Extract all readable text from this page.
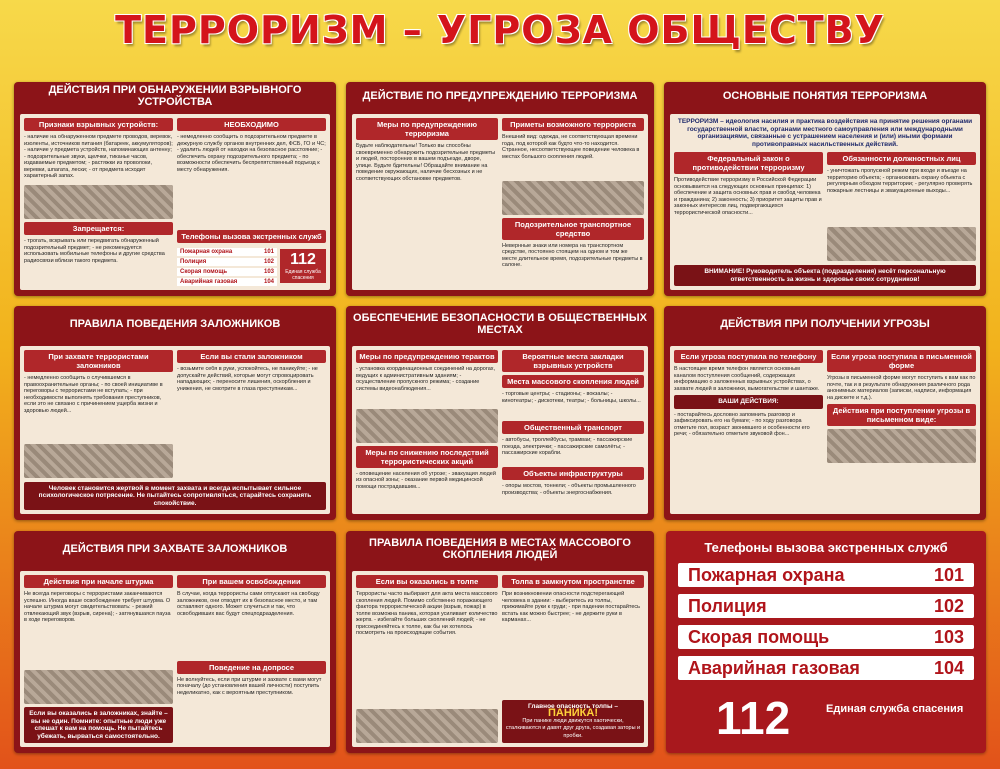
ТЕРРОРИЗМ – УГРОЗА ОБЩЕСТВУ
ДЕЙСТВИЯ ПРИ ОБНАРУЖЕНИИ ВЗРЫВНОГО УСТРОЙСТВА
Признаки взрывных устройств:
- наличие на обнаруженном предмете проводов, веревок, изоленты, источников питания (батареек, аккумуляторов); - наличие у предмета устройств, напоминающих антенну; - подозрительные звуки, щелчки, тиканье часов, издаваемые предметом; - растяжки из проволоки, веревки, шпагата, лески; - от предмета исходит характерный запах.
Запрещается:
- трогать, вскрывать или передвигать обнаруженный подозрительный предмет; - не рекомендуется использовать мобильные телефоны и другие средства радиосвязи вблизи такого предмета.
НЕОБХОДИМО
- немедленно сообщить о подозрительном предмете в дежурную службу органов внутренних дел, ФСБ, ГО и ЧС; - удалить людей от находки на безопасное расстояние; - обеспечить охрану подозрительного предмета; - по возможности обеспечить беспрепятственный подъезд к месту обнаружения.
Телефоны вызова экстренных служб
Пожарная охрана	101
Полиция	102
Скорая помощь	103
Аварийная газовая	104
112
Единая служба спасения
ДЕЙСТВИЕ ПО ПРЕДУПРЕЖДЕНИЮ ТЕРРОРИЗМА
Меры по предупреждению терроризма
Будьте наблюдательны! Только вы способны своевременно обнаружить подозрительные предметы и людей, посторонних в вашем подъезде, дворе, улице. Будьте бдительны! Обращайте внимание на поведение окружающих, наличие бесхозных и не соответствующих обстановке предметов.
Приметы возможного террориста
Внешний вид: одежда, не соответствующая времени года, под которой как будто что-то находится. Странное, несоответствующее поведение человека в местах большого скопления людей.
Подозрительное транспортное средство
Невернные знаки или номера на транспортном средстве, постоянно стоящем на одном и том же месте длительное время, подозрительные предметы в салоне.
ОСНОВНЫЕ ПОНЯТИЯ ТЕРРОРИЗМА
ТЕРРОРИЗМ – идеология насилия и практика воздействия на принятие решения органами государственной власти, органами местного самоуправления или международными организациями, связанные с устрашением населения и (или) иными формами противоправных насильственных действий.
Федеральный закон о противодействии терроризму
Противодействие терроризму в Российской Федерации основывается на следующих основных принципах: 1) обеспечение и защита основных прав и свобод человека и гражданина; 2) законность; 3) приоритет защиты прав и законных интересов лиц, подвергающихся террористической опасности...
Обязанности должностных лиц
- уничтожать пропускной режим при входе и въезде на территорию объекта; - организовать охрану объекта с регулярным обходом территории; - регулярно проверять пожарные лестницы и эвакуационные выходы...
ВНИМАНИЕ! Руководитель объекта (подразделения) несёт персональную ответственность за жизнь и здоровье своих сотрудников!
ПРАВИЛА ПОВЕДЕНИЯ ЗАЛОЖНИКОВ
При захвате террористами заложников
- немедленно сообщить о случившемся в правоохранительные органы; - по своей инициативе в переговоры с террористами не вступать; - при необходимости выполнять требования преступников, если это не связано с причинением ущерба жизни и здоровью людей...
Если вы стали заложником
- возьмите себя в руки, успокойтесь, не паникуйте; - не допускайте действий, которые могут спровоцировать нападающих; - переносите лишения, оскорбления и унижения, не смотрите в глаза преступникам...
Человек становится жертвой в момент захвата и всегда испытывает сильное психологическое потрясение. Не пытайтесь сопротивляться, старайтесь сохранять спокойствие.
ОБЕСПЕЧЕНИЕ БЕЗОПАСНОСТИ В ОБЩЕСТВЕННЫХ МЕСТАХ
Меры по предупреждению терактов
- установка координационных соединений на дорогах, ведущих к административным зданиям; - осуществление пропускного режима; - создание системы видеонаблюдения...
Меры по снижению последствий террористических акций
- оповещение населения об угрозе; - эвакуация людей из опасной зоны; - оказание первой медицинской помощи пострадавшим...
Вероятные места закладки взрывных устройств
Места массового скопления людей
- торговые центры; - стадионы; - вокзалы; - кинотеатры; - дискотеки, театры; - больницы, школы...
Общественный транспорт
- автобусы, троллейбусы, трамваи; - пассажирские поезда, электрички; - пассажирские самолёты; - пассажирские корабли.
Объекты инфраструктуры
- опоры мостов, тоннели; - объекты промышленного производства; - объекты энергоснабжения.
ДЕЙСТВИЯ ПРИ ПОЛУЧЕНИИ УГРОЗЫ
Если угроза поступила по телефону
В настоящее время телефон является основным каналом поступления сообщений, содержащих информацию о заложенных взрывных устройствах, о захвате людей в заложники, вымогательстве и шантаже.
ВАШИ ДЕЙСТВИЯ:
- постарайтесь дословно запомнить разговор и зафиксировать его на бумаге; - по ходу разговора отметьте пол, возраст звонившего и особенности его речи; - обязательно отметьте звуковой фон...
Если угроза поступила в письменной форме
Угрозы в письменной форме могут поступить к вам как по почте, так и в результате обнаружения различного рода анонимных материалов (записки, надписи, информация на дискете и т.д.).
Действия при поступлении угрозы в письменном виде:
ДЕЙСТВИЯ ПРИ ЗАХВАТЕ ЗАЛОЖНИКОВ
Действия при начале штурма
Не всегда переговоры с террористами заканчиваются успешно. Иногда ваше освобождение требует штурма. О начале штурма могут свидетельствовать: - резкий отвлекающий звук (взрыв, сирена); - затянувшаяся пауза в ходе переговоров.
Если вы оказались в заложниках, знайте – вы не один. Помните: опытные люди уже спешат к вам на помощь. Не пытайтесь убежать, вырваться самостоятельно.
При вашем освобождении
В случае, когда террористы сами отпускают на свободу заложников, они отводят их в безопасное место, и там оставляют одного. Может случиться и так, что освободивших вас будут спецподразделения.
Поведение на допросе
Не волнуйтесь, если при штурме и захвате с вами могут поначалу (до установления вашей личности) поступить неделикатно, как с вероятным преступником.
ПРАВИЛА ПОВЕДЕНИЯ В МЕСТАХ МАССОВОГО СКОПЛЕНИЯ ЛЮДЕЙ
Если вы оказались в толпе
Террористы часто выбирают для акта места массового скопления людей. Помимо собственно поражающего фактора террористической акции (взрыв, пожар) в толпе возможна паника, которая усиливает количество жертв. - избегайте больших скоплений людей; - не присоединяйтесь к толпе, как бы ни хотелось посмотреть на происходящие события.
Толпа в замкнутом пространстве
При возникновении опасности подстерегающей человека в здании: - выберитесь из толпы, прижимайте руки к груди; - при падении постарайтесь встать как можно быстрее; - не держите руки в карманах...
Главное опасность толпы –
ПАНИКА!
При панике люди движутся хаотически, сталкиваются и давят друг друга, создавая заторы и пробки.
Телефоны вызова экстренных служб
Пожарная охрана	101
Полиция	102
Скорая помощь	103
Аварийная газовая	104
112	Единая служба спасения
